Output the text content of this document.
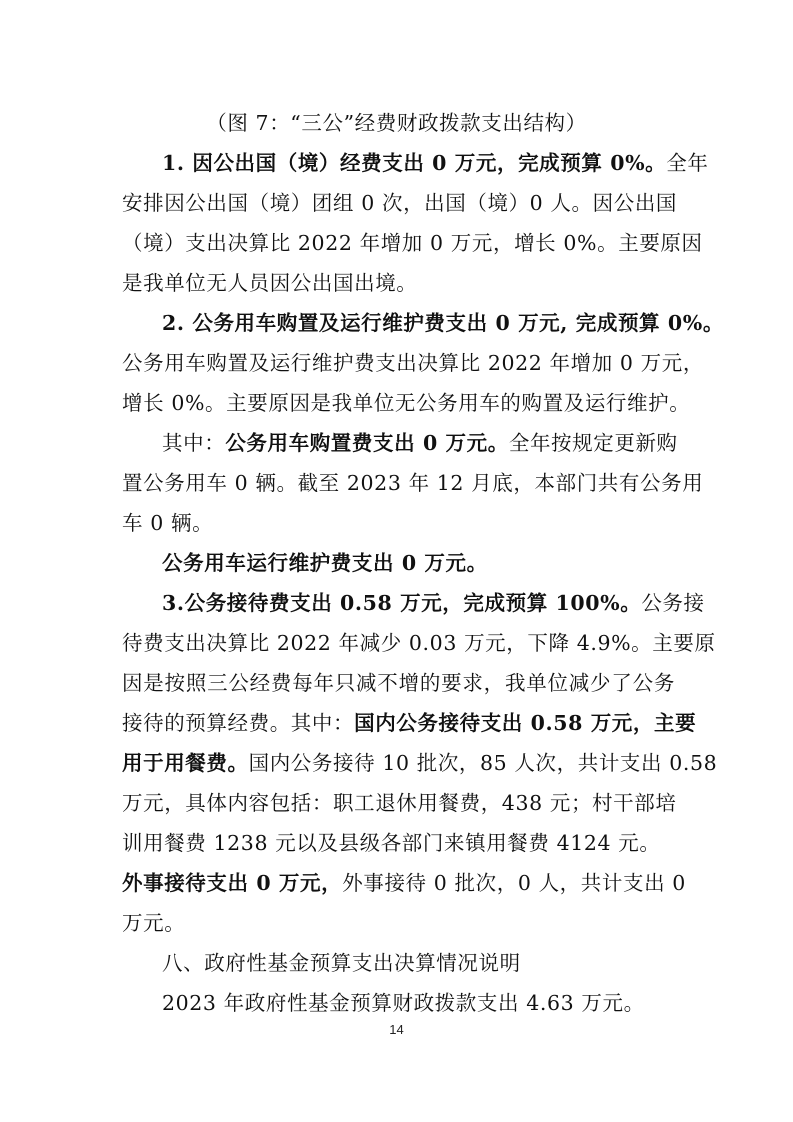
（图 7：“三公”经费财政拨款支出结构）
1. 因公出国（境）经费支出 0 万元，完成预算 0%。全年
安排因公出国（境）团组 0 次，出国（境）0 人。因公出国
（境）支出决算比 2022 年增加 0 万元，增长 0%。主要原因
是我单位无人员因公出国出境。
2. 公务用车购置及运行维护费支出 0 万元, 完成预算 0%。
公务用车购置及运行维护费支出决算比 2022 年增加 0 万元，
增长 0%。主要原因是我单位无公务用车的购置及运行维护。
其中：公务用车购置费支出 0 万元。全年按规定更新购
置公务用车 0 辆。截至 2023 年 12 月底，本部门共有公务用
车 0 辆。
公务用车运行维护费支出 0 万元。
3.公务接待费支出 0.58 万元，完成预算 100%。公务接
待费支出决算比 2022 年减少 0.03 万元，下降 4.9%。主要原
因是按照三公经费每年只减不增的要求，我单位减少了公务
接待的预算经费。其中：国内公务接待支出 0.58 万元，主要
用于用餐费。国内公务接待 10 批次，85 人次，共计支出 0.58
万元，具体内容包括：职工退休用餐费，438 元；村干部培
训用餐费 1238 元以及县级各部门来镇用餐费 4124 元。
外事接待支出 0 万元，外事接待 0 批次，0 人，共计支出 0
万元。
八、政府性基金预算支出决算情况说明
2023 年政府性基金预算财政拨款支出 4.63 万元。
14
